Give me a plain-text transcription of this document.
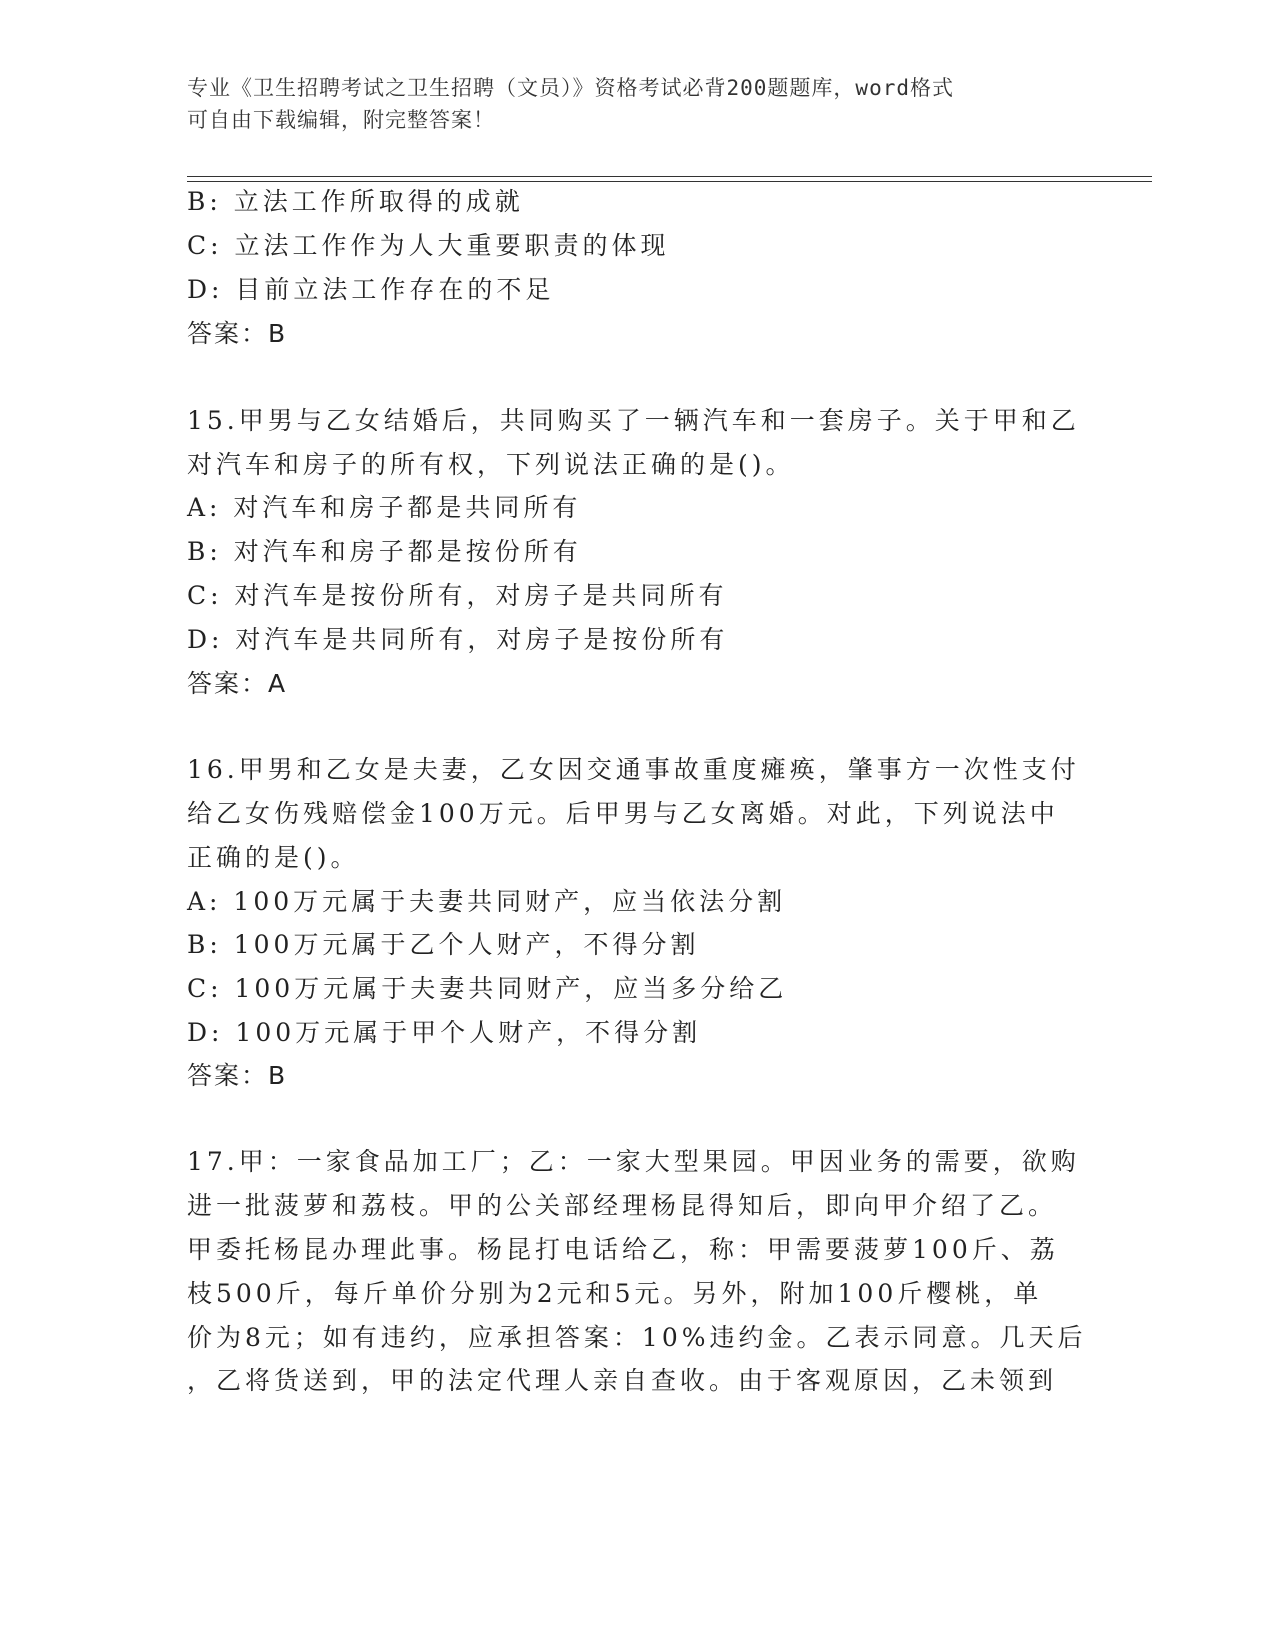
专业《卫生招聘考试之卫生招聘（文员）》资格考试必背200题题库，word格式
可自由下载编辑，附完整答案！
B: 立法工作所取得的成就
C: 立法工作作为人大重要职责的体现
D: 目前立法工作存在的不足
答案：B
15.甲男与乙女结婚后，共同购买了一辆汽车和一套房子。关于甲和乙
对汽车和房子的所有权，下列说法正确的是()。
A: 对汽车和房子都是共同所有
B: 对汽车和房子都是按份所有
C: 对汽车是按份所有，对房子是共同所有
D: 对汽车是共同所有，对房子是按份所有
答案：A
16.甲男和乙女是夫妻，乙女因交通事故重度瘫痪，肇事方一次性支付
给乙女伤残赔偿金100万元。后甲男与乙女离婚。对此，下列说法中
正确的是()。
A: 100万元属于夫妻共同财产，应当依法分割
B: 100万元属于乙个人财产，不得分割
C: 100万元属于夫妻共同财产，应当多分给乙
D: 100万元属于甲个人财产，不得分割
答案：B
17.甲：一家食品加工厂；乙：一家大型果园。甲因业务的需要，欲购
进一批菠萝和荔枝。甲的公关部经理杨昆得知后，即向甲介绍了乙。
甲委托杨昆办理此事。杨昆打电话给乙，称：甲需要菠萝100斤、荔
枝500斤，每斤单价分别为2元和5元。另外，附加100斤樱桃，单
价为8元；如有违约，应承担答案：10%违约金。乙表示同意。几天后
，乙将货送到，甲的法定代理人亲自查收。由于客观原因，乙未领到
